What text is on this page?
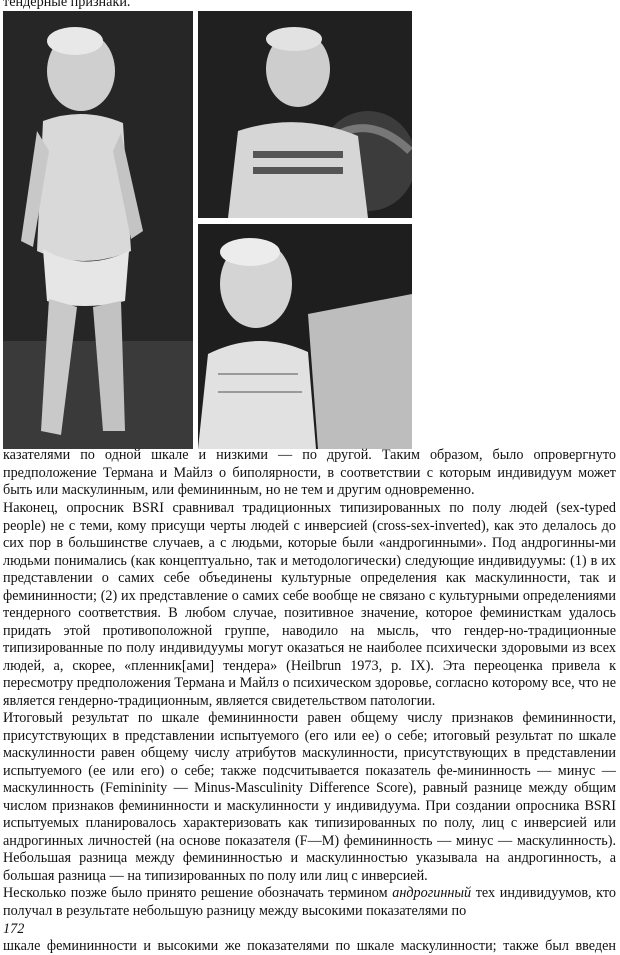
тендерные признаки.
казателями по одной шкале и низкими — по другой. Таким образом, было опровергнуто предположение Термана и Майлз о биполярности, в соответствии с которым индивидуум может быть или маскулинным, или фемининным, но не тем и другим одновременно.
Наконец, опросник BSRI сравнивал традиционных типизированных по полу людей (sex-typed people) не с теми, кому присущи черты людей с инверсией (cross-sex-inverted), как это делалось до сих пор в большинстве случаев, а с людьми, которые были «андрогинными». Под андрогинны-ми людьми понимались (как концептуально, так и методологически) следующие индивидуумы: (1) в их представлении о самих себе объединены культурные определения как маскулинности, так и фемининности; (2) их представление о самих себе вообще не связано с культурными определениями тендерного соответствия. В любом случае, позитивное значение, которое феминисткам удалось придать этой противоположной группе, наводило на мысль, что гендер-но-традиционные типизированные по полу индивидуумы могут оказаться не наиболее психически здоровыми из всех людей, а, скорее, «пленник[ами] тендера» (Heilbrun 1973, p. IX). Эта переоценка привела к пересмотру предположения Термана и Майлз о психическом здоровье, согласно которому все, что не является гендерно-традиционным, является свидетельством патологии.
Итоговый результат по шкале фемининности равен общему числу признаков фемининности, присутствующих в представлении испытуемого (его или ее) о себе; итоговый результат по шкале маскулинности равен общему числу атрибутов маскулинности, присутствующих в представлении испытуемого (ее или его) о себе; также подсчитывается показатель фе-мининность — минус — маскулинность (Femininity — Minus-Masculinity Difference Score), равный разнице между общим числом признаков фемининности и маскулинности у индивидуума. При создании опросника BSRI испытуемых планировалось характеризовать как типизированных по полу, лиц с инверсией или андрогинных личностей (на основе показателя (F—M) фемининность — минус — маскулинность). Небольшая разница между фемининностью и маскулинностью указывала на андрогинность, а большая разница — на типизированных по полу или лиц с инверсией.
Несколько позже было принято решение обозначать термином андрогинный тех индивидуумов, кто получал в результате небольшую разницу между высокими показателями по
172
шкале фемининности и высокими же показателями по шкале маскулинности; также был введен
